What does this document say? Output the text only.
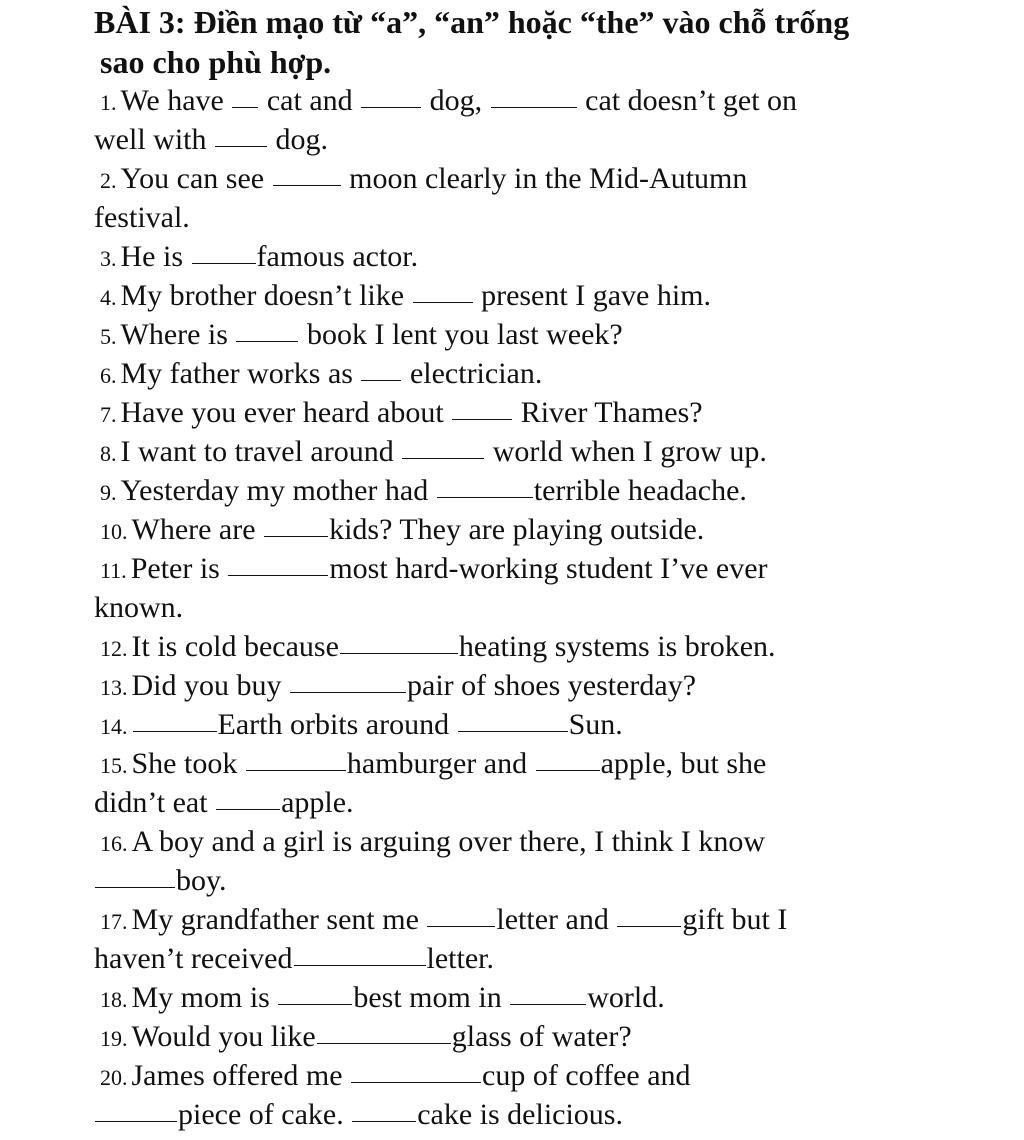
BÀI 3: Điền mạo từ “a”, “an” hoặc “the” vào chỗ trống
sao cho phù hợp.
1. We have cat and	dog,	cat doesn’t get on
well with dog.
2. You can see	moon clearly in the Mid-Autumn
festival.
3. He is famous actor.
4. My brother doesn’t like	present I gave him.
5. Where is	book I lent you last week?
6. My father works as electrician.
7. Have you ever heard about	River Thames?
8. I want to travel around	world when I grow up.
9. Yesterday my mother had	terrible headache.
10. Where are kids? They are playing outside.
11. Peter is	most hard-working student I’ve ever
known.
12. It is cold because	heating systems is broken.
13. Did you buy	pair of shoes yesterday?
14.	Earth orbits around	Sun.
15. She took	hamburger and apple, but she
didn’t eat apple.
16. A boy and a girl is arguing over there, I think I know
boy.
17. My grandfather sent me	letter and gift but I
haven’t received	letter.
18. My mom is	best mom in	world.
19. Would you like	glass of water?
20. James offered me	cup of coffee and
piece of cake. cake is delicious.
